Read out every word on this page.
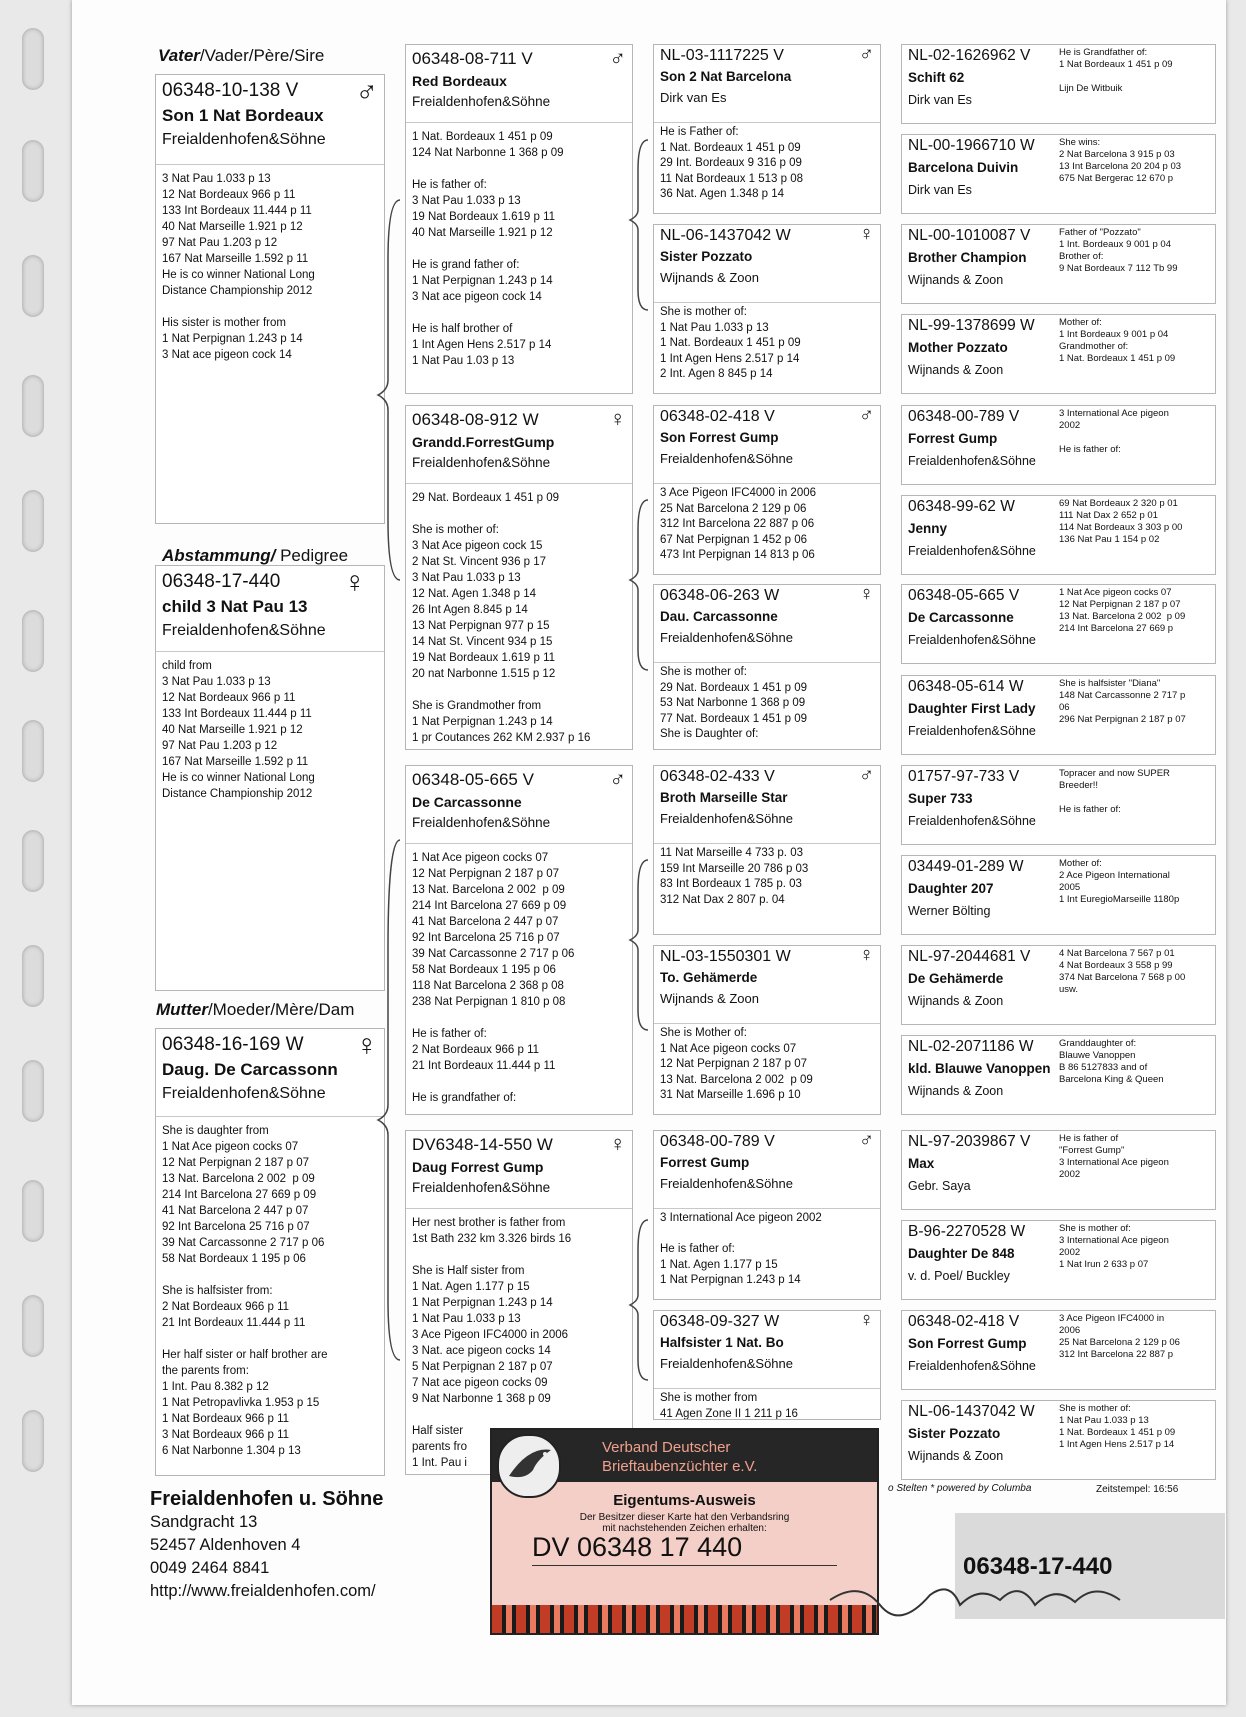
Vater/Vader/Père/Sire
Abstammung/ Pedigree
Mutter/Moeder/Mère/Dam
06348-10-138 V ♂
Son 1 Nat Bordeaux
Freialdenhofen&Söhne
3 Nat Pau 1.033 p 13
12 Nat Bordeaux 966 p 11
133 Int Bordeaux 11.444 p 11
40 Nat Marseille 1.921 p 12
97 Nat Pau 1.203 p 12
167 Nat Marseille 1.592 p 11
He is co winner National Long
Distance Championship 2012

His sister is mother from
1 Nat Perpignan 1.243 p 14
3 Nat ace pigeon cock 14
06348-17-440 ♀
child 3 Nat Pau 13
Freialdenhofen&Söhne
child from
3 Nat Pau 1.033 p 13
12 Nat Bordeaux 966 p 11
133 Int Bordeaux 11.444 p 11
40 Nat Marseille 1.921 p 12
97 Nat Pau 1.203 p 12
167 Nat Marseille 1.592 p 11
He is co winner National Long
Distance Championship 2012
06348-16-169 W ♀
Daug. De Carcassonn
Freialdenhofen&Söhne
She is daughter from
1 Nat Ace pigeon cocks 07
12 Nat Perpignan 2 187 p 07
13 Nat. Barcelona 2 002  p 09
214 Int Barcelona 27 669 p 09
41 Nat Barcelona 2 447 p 07
92 Int Barcelona 25 716 p 07
39 Nat Carcassonne 2 717 p 06
58 Nat Bordeaux 1 195 p 06

She is halfsister from:
2 Nat Bordeaux 966 p 11
21 Int Bordeaux 11.444 p 11

Her half sister or half brother are
the parents from:
1 Int. Pau 8.382 p 12
1 Nat Petropavlivka 1.953 p 15
1 Nat Bordeaux 966 p 11
3 Nat Bordeaux 966 p 11
6 Nat Narbonne 1.304 p 13
06348-08-711 V	♂
Red Bordeaux
Freialdenhofen&Söhne
1 Nat. Bordeaux 1 451 p 09
124 Nat Narbonne 1 368 p 09

He is father of:
3 Nat Pau 1.033 p 13
19 Nat Bordeaux 1.619 p 11
40 Nat Marseille 1.921 p 12

He is grand father of:
1 Nat Perpignan 1.243 p 14
3 Nat ace pigeon cock 14

He is half brother of
1 Int Agen Hens 2.517 p 14
1 Nat Pau 1.03 p 13
06348-08-912 W	♀
Grandd.ForrestGump
Freialdenhofen&Söhne
29 Nat. Bordeaux 1 451 p 09

She is mother of:
3 Nat Ace pigeon cock 15
2 Nat St. Vincent 936 p 17
3 Nat Pau 1.033 p 13
12 Nat. Agen 1.348 p 14
26 Int Agen 8.845 p 14
13 Nat Perpignan 977 p 15
14 Nat St. Vincent 934 p 15
19 Nat Bordeaux 1.619 p 11
20 nat Narbonne 1.515 p 12

She is Grandmother from
1 Nat Perpignan 1.243 p 14
1 pr Coutances 262 KM 2.937 p 16
06348-05-665 V	♂
De Carcassonne
Freialdenhofen&Söhne
1 Nat Ace pigeon cocks 07
12 Nat Perpignan 2 187 p 07
13 Nat. Barcelona 2 002  p 09
214 Int Barcelona 27 669 p 09
41 Nat Barcelona 2 447 p 07
92 Int Barcelona 25 716 p 07
39 Nat Carcassonne 2 717 p 06
58 Nat Bordeaux 1 195 p 06
118 Nat Barcelona 2 368 p 08
238 Nat Perpignan 1 810 p 08

He is father of:
2 Nat Bordeaux 966 p 11
21 Int Bordeaux 11.444 p 11

He is grandfather of:
DV6348-14-550 W	♀
Daug Forrest Gump
Freialdenhofen&Söhne
Her nest brother is father from
1st Bath 232 km 3.326 birds 16

She is Half sister from
1 Nat. Agen 1.177 p 15
1 Nat Perpignan 1.243 p 14
1 Nat Pau 1.033 p 13
3 Ace Pigeon IFC4000 in 2006
3 Nat. ace pigeon cocks 14
5 Nat Perpignan 2 187 p 07
7 Nat ace pigeon cocks 09
9 Nat Narbonne 1 368 p 09

Half sister
parents fro
1 Int. Pau i
NL-03-1117225 V	♂
Son 2 Nat Barcelona
Dirk van Es
He is Father of:
1 Nat. Bordeaux 1 451 p 09
29 Int. Bordeaux 9 316 p 09
11 Nat Bordeaux 1 513 p 08
36 Nat. Agen 1.348 p 14
NL-06-1437042 W	♀
Sister Pozzato
Wijnands & Zoon
She is mother of:
1 Nat Pau 1.033 p 13
1 Nat. Bordeaux 1 451 p 09
1 Int Agen Hens 2.517 p 14
2 Int. Agen 8 845 p 14
06348-02-418 V	♂
Son Forrest Gump
Freialdenhofen&Söhne
3 Ace Pigeon IFC4000 in 2006
25 Nat Barcelona 2 129 p 06
312 Int Barcelona 22 887 p 06
67 Nat Perpignan 1 452 p 06
473 Int Perpignan 14 813 p 06
06348-06-263 W	♀
Dau. Carcassonne
Freialdenhofen&Söhne
She is mother of:
29 Nat. Bordeaux 1 451 p 09
53 Nat Narbonne 1 368 p 09
77 Nat. Bordeaux 1 451 p 09
She is Daughter of:
06348-02-433 V	♂
Broth Marseille Star
Freialdenhofen&Söhne
11 Nat Marseille 4 733 p. 03
159 Int Marseille 20 786 p 03
83 Int Bordeaux 1 785 p. 03
312 Nat Dax 2 807 p. 04
NL-03-1550301 W	♀
To. Gehämerde
Wijnands & Zoon
She is Mother of:
1 Nat Ace pigeon cocks 07
12 Nat Perpignan 2 187 p 07
13 Nat. Barcelona 2 002  p 09
31 Nat Marseille 1.696 p 10
06348-00-789 V	♂
Forrest Gump
Freialdenhofen&Söhne
3 International Ace pigeon 2002

He is father of:
1 Nat. Agen 1.177 p 15
1 Nat Perpignan 1.243 p 14
06348-09-327 W	♀
Halfsister 1 Nat. Bo
Freialdenhofen&Söhne
She is mother from
41 Agen Zone II 1 211 p 16
NL-02-1626962 V
Schift 62
Dirk van Es
He is Grandfather of:
1 Nat Bordeaux 1 451 p 09

Lijn De Witbuik
NL-00-1966710 W
Barcelona Duivin
Dirk van Es
She wins:
2 Nat Barcelona 3 915 p 03
13 Int Barcelona 20 204 p 03
675 Nat Bergerac 12 670 p
NL-00-1010087 V
Brother Champion
Wijnands & Zoon
Father of "Pozzato"
1 Int. Bordeaux 9 001 p 04
Brother of:
9 Nat Bordeaux 7 112 Tb 99
NL-99-1378699 W
Mother Pozzato
Wijnands & Zoon
Mother of:
1 Int Bordeaux 9 001 p 04
Grandmother of:
1 Nat. Bordeaux 1 451 p 09
06348-00-789 V
Forrest Gump
Freialdenhofen&Söhne
3 International Ace pigeon
2002

He is father of:
06348-99-62 W
Jenny
Freialdenhofen&Söhne
69 Nat Bordeaux 2 320 p 01
111 Nat Dax 2 652 p 01
114 Nat Bordeaux 3 303 p 00
136 Nat Pau 1 154 p 02
06348-05-665 V
De Carcassonne
Freialdenhofen&Söhne
1 Nat Ace pigeon cocks 07
12 Nat Perpignan 2 187 p 07
13 Nat. Barcelona 2 002  p 09
214 Int Barcelona 27 669 p
06348-05-614 W
Daughter First Lady
Freialdenhofen&Söhne
She is halfsister "Diana"
148 Nat Carcassonne 2 717 p
06
296 Nat Perpignan 2 187 p 07
01757-97-733 V
Super 733
Freialdenhofen&Söhne
Topracer and now SUPER
Breeder!!

He is father of:
03449-01-289 W
Daughter 207
Werner Bölting
Mother of:
2 Ace Pigeon International
2005
1 Int EuregioMarseille 1180p
NL-97-2044681 V
De Gehämerde
Wijnands & Zoon
4 Nat Barcelona 7 567 p 01
4 Nat Bordeaux 3 558 p 99
374 Nat Barcelona 7 568 p 00
usw.
NL-02-2071186 W
kld. Blauwe Vanoppen
Wijnands & Zoon
Granddaughter of:
Blauwe Vanoppen
B 86 5127833 and of
Barcelona King & Queen
NL-97-2039867 V
Max
Gebr. Saya
He is father of
"Forrest Gump"
3 International Ace pigeon
2002
B-96-2270528 W
Daughter De 848
v. d. Poel/ Buckley
She is mother of:
3 International Ace pigeon
2002
1 Nat Irun 2 633 p 07
06348-02-418 V
Son Forrest Gump
Freialdenhofen&Söhne
3 Ace Pigeon IFC4000 in
2006
25 Nat Barcelona 2 129 p 06
312 Int Barcelona 22 887 p
NL-06-1437042 W
Sister Pozzato
Wijnands & Zoon
She is mother of:
1 Nat Pau 1.033 p 13
1 Nat. Bordeaux 1 451 p 09
1 Int Agen Hens 2.517 p 14
Freialdenhofen u. Söhne
Sandgracht 13
52457 Aldenhoven 4
0049 2464 8841
http://www.freialdenhofen.com/
o Stelten * powered by Columba	Zeitstempel: 16:56
Verband Deutscher
Brieftaubenzüchter e.V.
Eigentums-Ausweis
Der Besitzer dieser Karte hat den Verbandsring
mit nachstehenden Zeichen erhalten:
DV 06348 17 440
06348-17-440
